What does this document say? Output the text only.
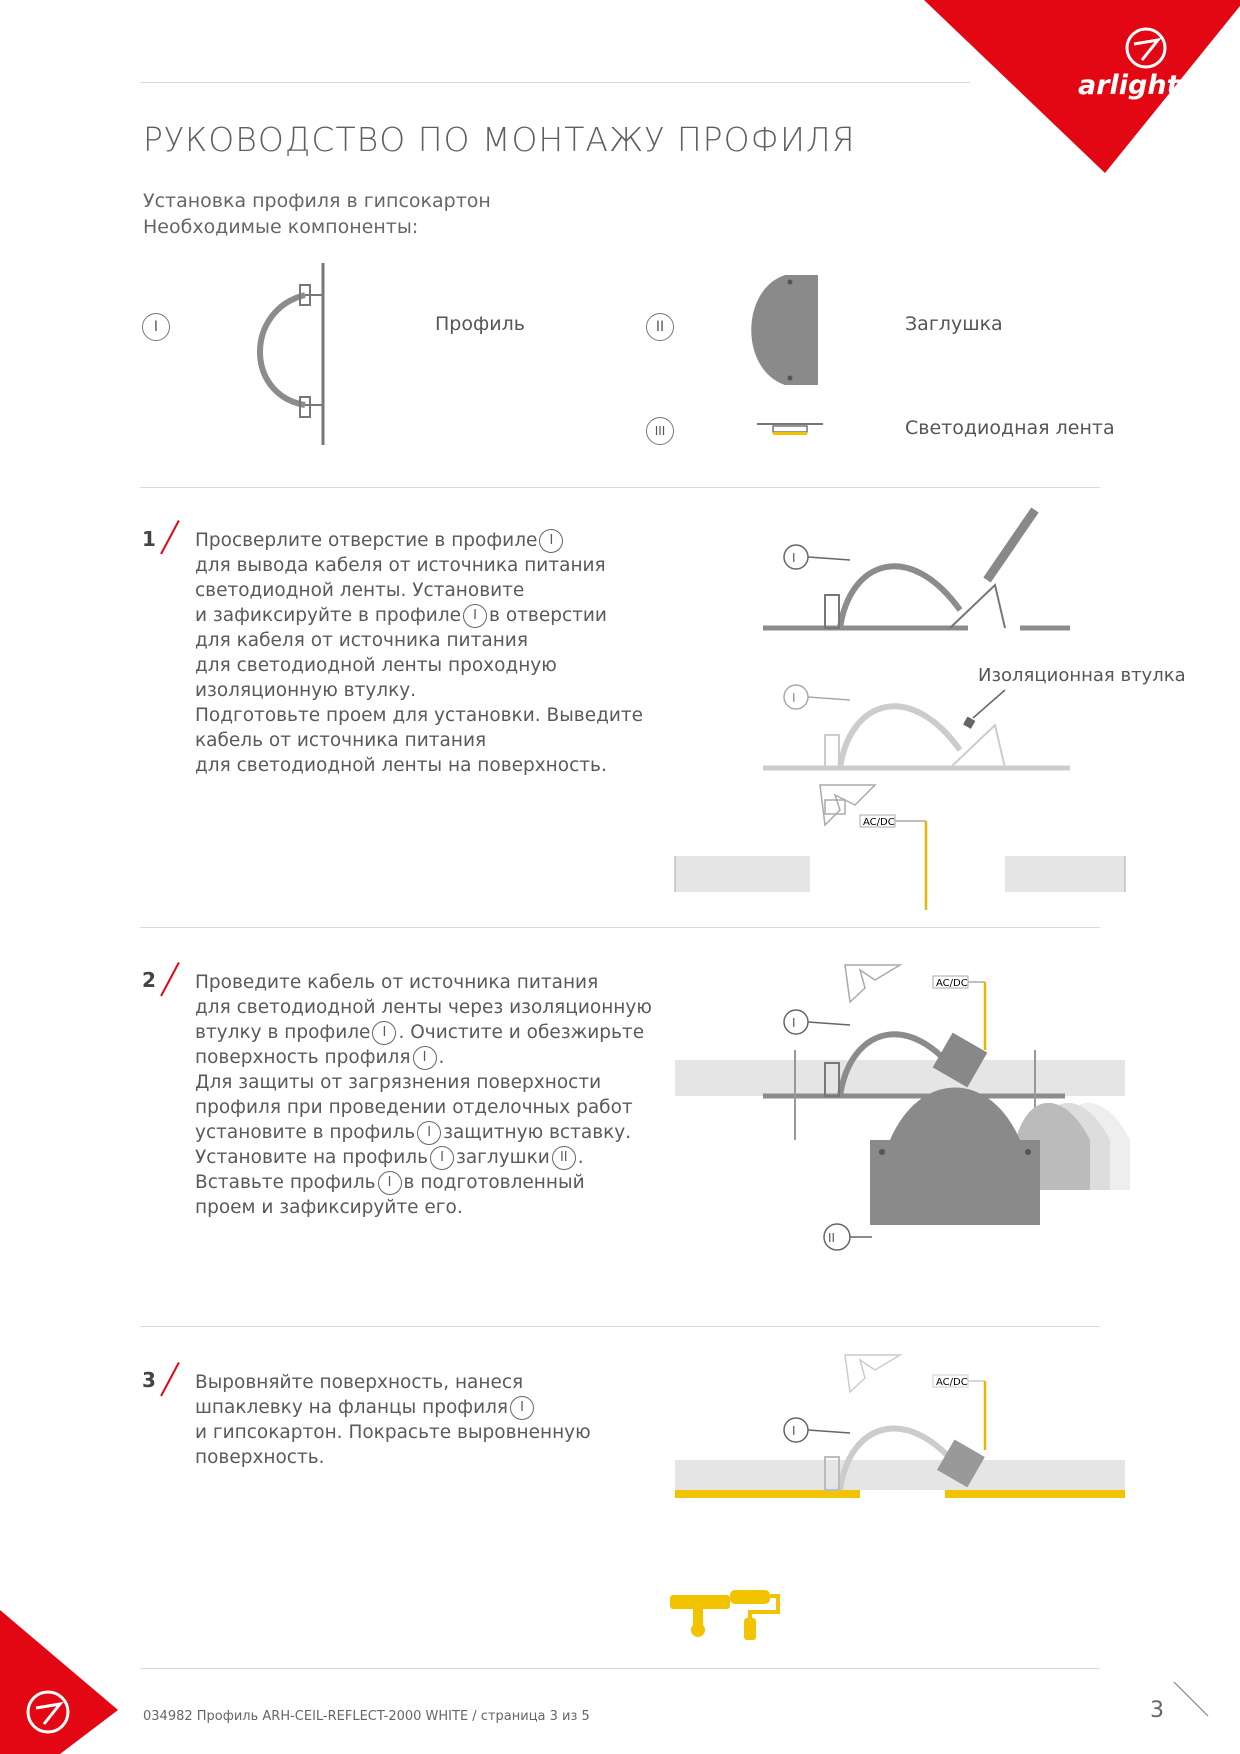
arlight
РУКОВОДСТВО ПО МОНТАЖУ ПРОФИЛЯ
Установка профиля в гипсокартон
Необходимые компоненты:
I	Профиль	II	Заглушка
III	Светодиодная лента
1 Просверлите отверстие в профиле I

для вывода кабеля от источника питания

светодиодной ленты. Установите

и зафиксируйте в профиле I в отверстии

для кабеля от источника питания

для светодиодной ленты проходную

изоляционную втулку.

Подготовьте проем для установки. Выведите

кабель от источника питания

для светодиодной ленты на поверхность.

I
I
AC/DC
Изоляционная втулка
2 Проведите кабель от источника питания

для светодиодной ленты через изоляционную

втулку в профиле I . Очистите и обезжирьте

поверхность профиля I .

Для защиты от загрязнения поверхности

профиля при проведении отделочных работ

установите в профиль I защитную вставку.

Установите на профиль I заглушки II .

Вставьте профиль I в подготовленный

проем и зафиксируйте его.

AC/DC
I
II
3 Выровняйте поверхность, нанеся

шпаклевку на фланцы профиля I

и гипсокартон. Покрасьте выровненную

поверхность.

AC/DC
I
034982 Профиль ARH-CEIL-REFLECT-2000 WHITE / страница 3 из 5	3
